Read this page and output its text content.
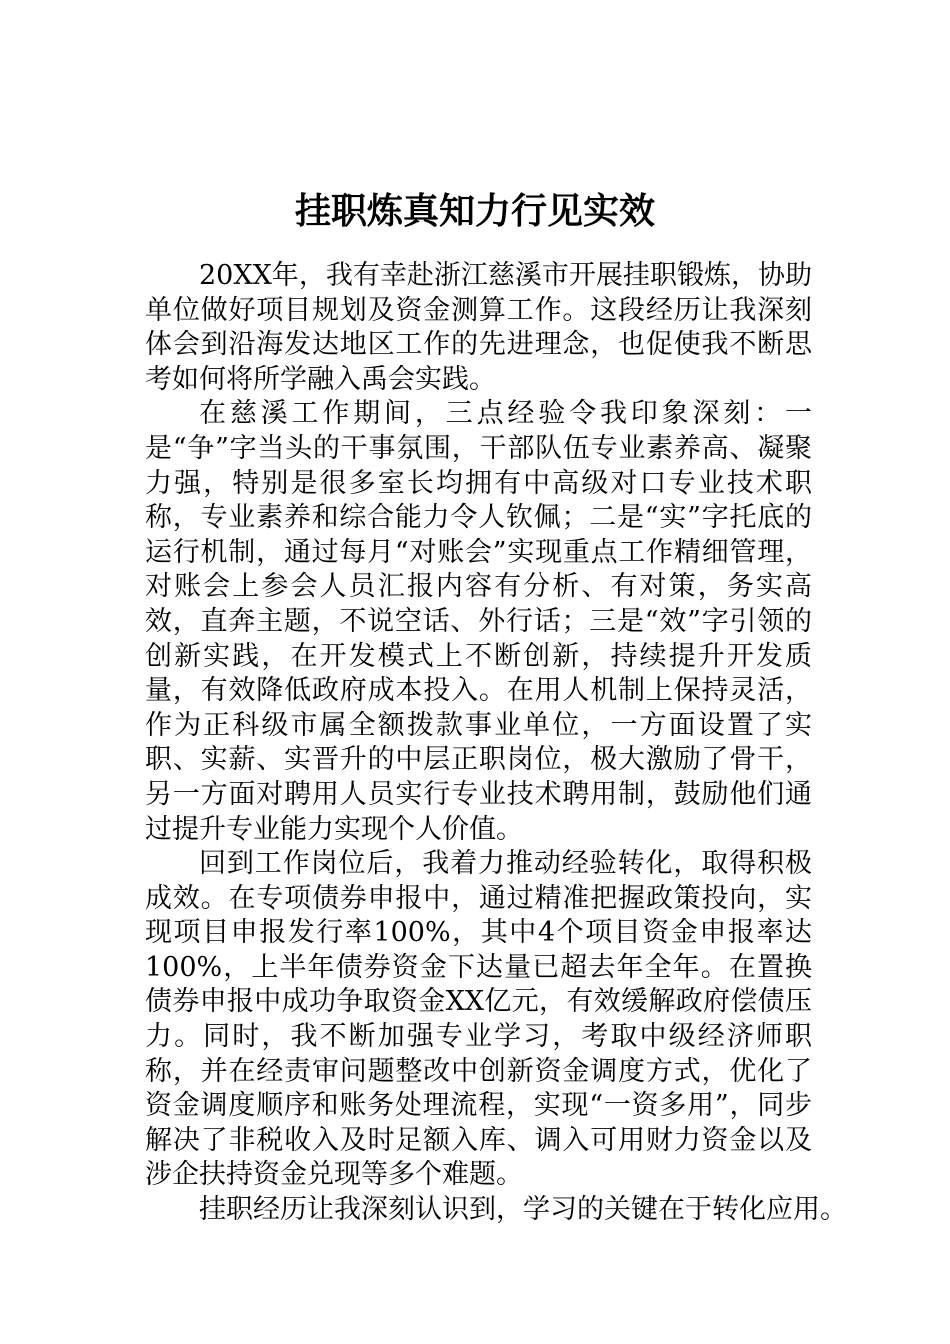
挂职炼真知力行见实效

20XX年，我有幸赴浙江慈溪市开展挂职锻炼，协助单位做好项目规划及资金测算工作。这段经历让我深刻体会到沿海发达地区工作的先进理念，也促使我不断思考如何将所学融入禹会实践。

在慈溪工作期间，三点经验令我印象深刻：一是“争”字当头的干事氛围，干部队伍专业素养高、凝聚力强，特别是很多室长均拥有中高级对口专业技术职称，专业素养和综合能力令人钦佩；二是“实”字托底的运行机制，通过每月“对账会”实现重点工作精细管理，对账会上参会人员汇报内容有分析、有对策，务实高效，直奔主题，不说空话、外行话；三是“效”字引领的创新实践，在开发模式上不断创新，持续提升开发质量，有效降低政府成本投入。在用人机制上保持灵活，作为正科级市属全额拨款事业单位，一方面设置了实职、实薪、实晋升的中层正职岗位，极大激励了骨干，另一方面对聘用人员实行专业技术聘用制，鼓励他们通过提升专业能力实现个人价值。

回到工作岗位后，我着力推动经验转化，取得积极成效。在专项债券申报中，通过精准把握政策投向，实现项目申报发行率100%，其中4个项目资金申报率达100%，上半年债券资金下达量已超去年全年。在置换债券申报中成功争取资金XX亿元，有效缓解政府偿债压力。同时，我不断加强专业学习，考取中级经济师职称，并在经责审问题整改中创新资金调度方式，优化了资金调度顺序和账务处理流程，实现“一资多用”，同步解决了非税收入及时足额入库、调入可用财力资金以及涉企扶持资金兑现等多个难题。

挂职经历让我深刻认识到，学习的关键在于转化应用。
